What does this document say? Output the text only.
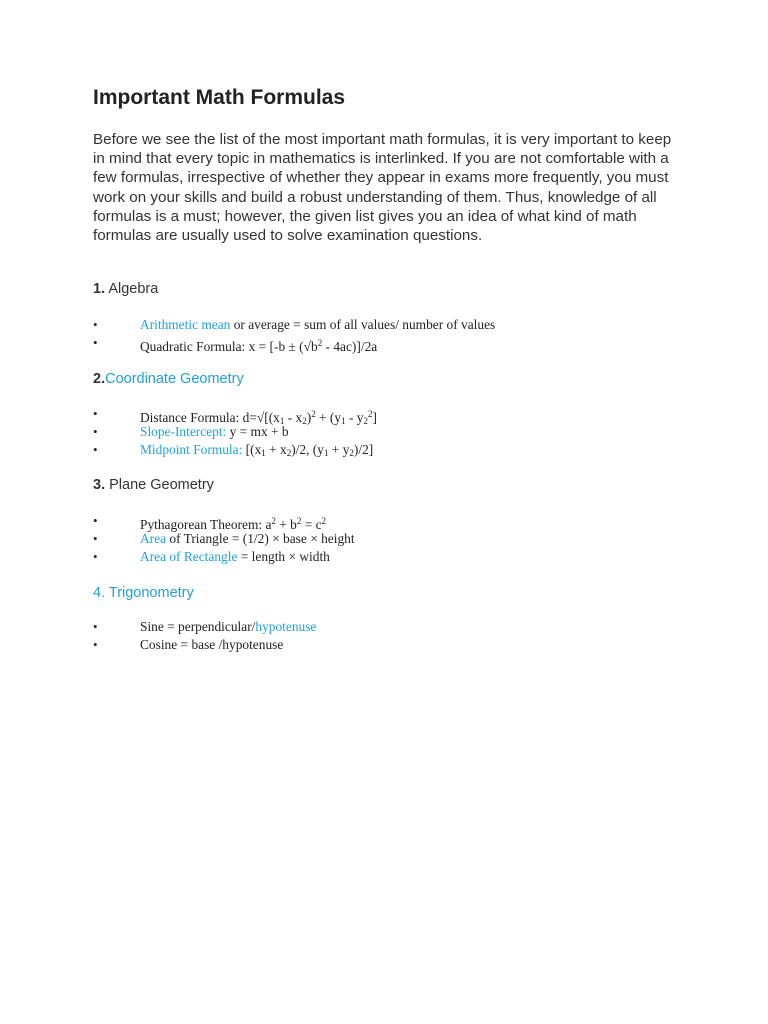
Important Math Formulas

Before we see the list of the most important math formulas, it is very important to keep in mind that every topic in mathematics is interlinked. If you are not comfortable with a few formulas, irrespective of whether they appear in exams more frequently, you must work on your skills and build a robust understanding of them. Thus, knowledge of all formulas is a must; however, the given list gives you an idea of what kind of math formulas are usually used to solve examination questions.

1. Algebra
•	Arithmetic mean or average = sum of all values/ number of values
•	Quadratic Formula: $x = [-b \pm (√b^2 - 4ac)]/2a$
2.Coordinate Geometry
•	Distance Formula: $d=√[(x_1 - x_2)^2 + (y_1 - y_2^2]$
•	Slope-Intercept: y = mx + b
•	Midpoint Formula: [$(x_1 + x_2)/2$, $(y_1 + y_2)/2$]
3. Plane Geometry
•	Pythagorean Theorem: $a^2 + b^2 = c^2$
•	Area of Triangle = (1/2) × base × height
•	Area of Rectangle = length × width
4. Trigonometry
•	Sine = perpendicular/hypotenuse
•	Cosine = base /hypotenuse
